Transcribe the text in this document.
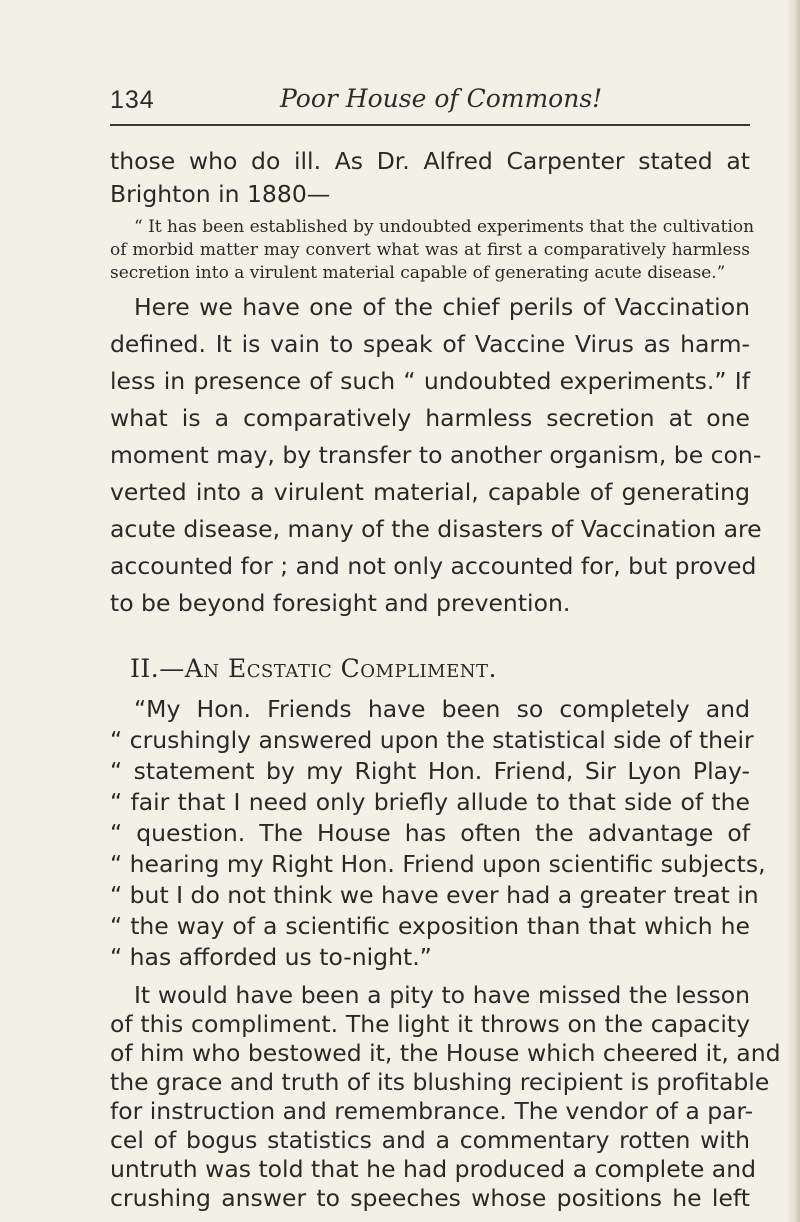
134	Poor House of Commons!
those who do ill. As Dr. Alfred Carpenter stated at
Brighton in 1880—
“ It has been established by undoubted experiments that the cultivation
of morbid matter may convert what was at first a comparatively harmless
secretion into a virulent material capable of generating acute disease.”
Here we have one of the chief perils of Vaccination
defined. It is vain to speak of Vaccine Virus as harm-
less in presence of such “ undoubted experiments.” If
what is a comparatively harmless secretion at one
moment may, by transfer to another organism, be con-
verted into a virulent material, capable of generating
acute disease, many of the disasters of Vaccination are
accounted for ; and not only accounted for, but proved
to be beyond foresight and prevention.
II.—An Ecstatic Compliment.
“My Hon. Friends have been so completely and
“ crushingly answered upon the statistical side of their
“ statement by my Right Hon. Friend, Sir Lyon Play-
“ fair that I need only briefly allude to that side of the
“ question. The House has often the advantage of
“ hearing my Right Hon. Friend upon scientific subjects,
“ but I do not think we have ever had a greater treat in
“ the way of a scientific exposition than that which he
“ has afforded us to-night.”
It would have been a pity to have missed the lesson
of this compliment. The light it throws on the capacity
of him who bestowed it, the House which cheered it, and
the grace and truth of its blushing recipient is profitable
for instruction and remembrance. The vendor of a par-
cel of bogus statistics and a commentary rotten with
untruth was told that he had produced a complete and
crushing answer to speeches whose positions he left
